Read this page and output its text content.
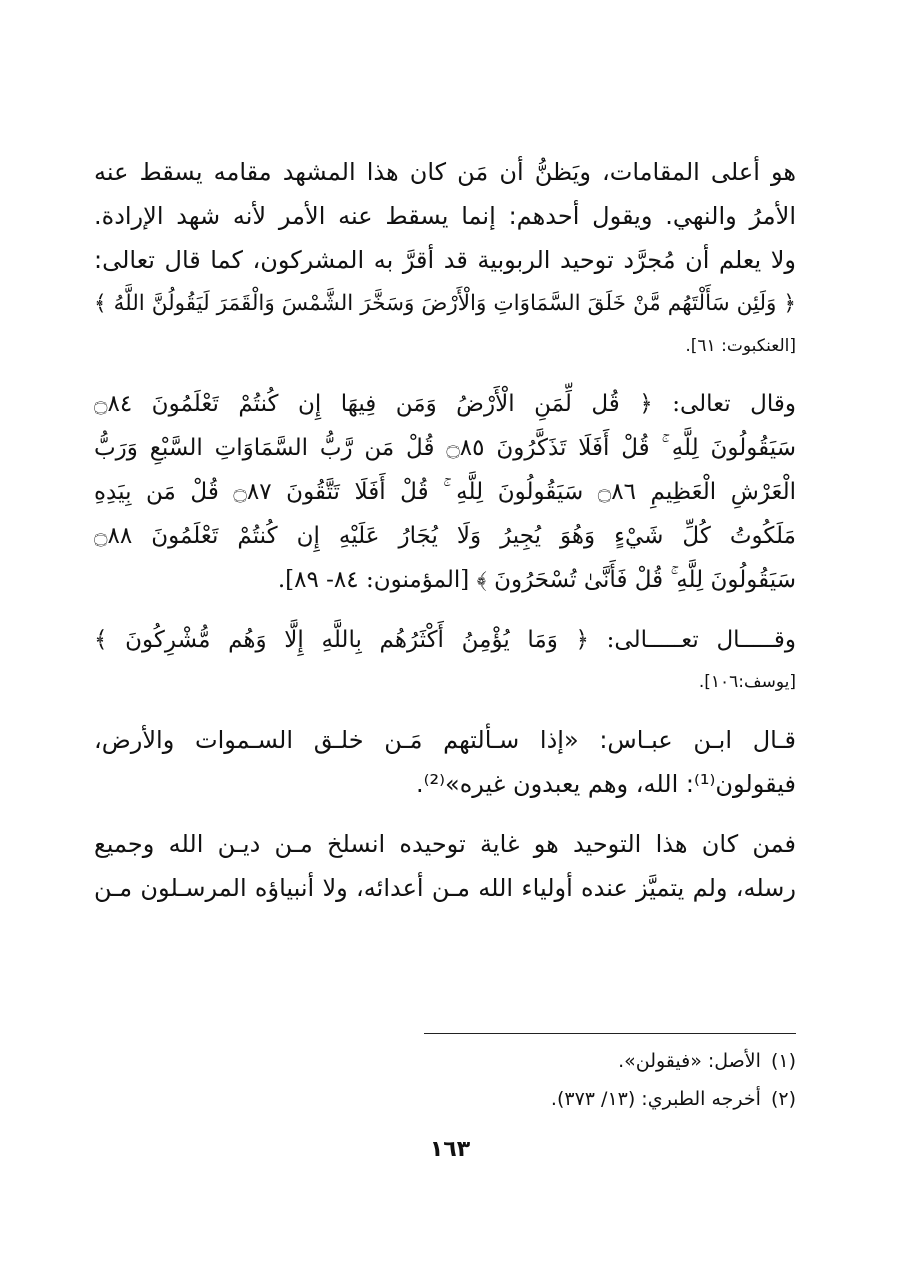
هو أعلى المقامات، ويَظنُّ أن مَن كان هذا المشهد مقامه يسقط عنه
الأمرُ والنهي. ويقول أحدهم: إنما يسقط عنه الأمر لأنه شهد الإرادة.
ولا يعلم أن مُجرَّد توحيد الربوبية قد أقرَّ به المشركون، كما قال تعالى:
﴿ وَلَئِن سَأَلْتَهُم مَّنْ خَلَقَ السَّمَاوَاتِ وَالْأَرْضَ وَسَخَّرَ الشَّمْسَ وَالْقَمَرَ لَيَقُولُنَّ اللَّهُ ﴾
[العنكبوت: ٦١].
وقال تعالى: ﴿ قُل لِّمَنِ الْأَرْضُ وَمَن فِيهَا إِن كُنتُمْ تَعْلَمُونَ ۝٨٤
سَيَقُولُونَ لِلَّهِ ۚ قُلْ أَفَلَا تَذَكَّرُونَ ۝٨٥ قُلْ مَن رَّبُّ السَّمَاوَاتِ السَّبْعِ وَرَبُّ
الْعَرْشِ الْعَظِيمِ ۝٨٦ سَيَقُولُونَ لِلَّهِ ۚ قُلْ أَفَلَا تَتَّقُونَ ۝٨٧ قُلْ مَن بِيَدِهِ
مَلَكُوتُ كُلِّ شَيْءٍ وَهُوَ يُجِيرُ وَلَا يُجَارُ عَلَيْهِ إِن كُنتُمْ تَعْلَمُونَ ۝٨٨
سَيَقُولُونَ لِلَّهِ ۚ قُلْ فَأَنَّىٰ تُسْحَرُونَ ﴾ [المؤمنون: ٨٤- ٨٩].
وقـــــال تعـــــالى: ﴿ وَمَا يُؤْمِنُ أَكْثَرُهُم بِاللَّهِ إِلَّا وَهُم مُّشْرِكُونَ ﴾
[يوسف:١٠٦].
قـال ابـن عبـاس: «إذا سـألتهم مَـن خلـق السـموات والأرض،
فيقولون⁽¹⁾: الله، وهم يعبدون غيره»⁽²⁾.
فمن كان هذا التوحيد هو غاية توحيده انسلخ مـن ديـن الله وجميع
رسله، ولم يتميَّز عنده أولياء الله مـن أعدائه، ولا أنبياؤه المرسـلون مـن
(١)الأصل: «فيقولن».
(٢)أخرجه الطبري: (١٣/ ٣٧٣).
١٦٣
